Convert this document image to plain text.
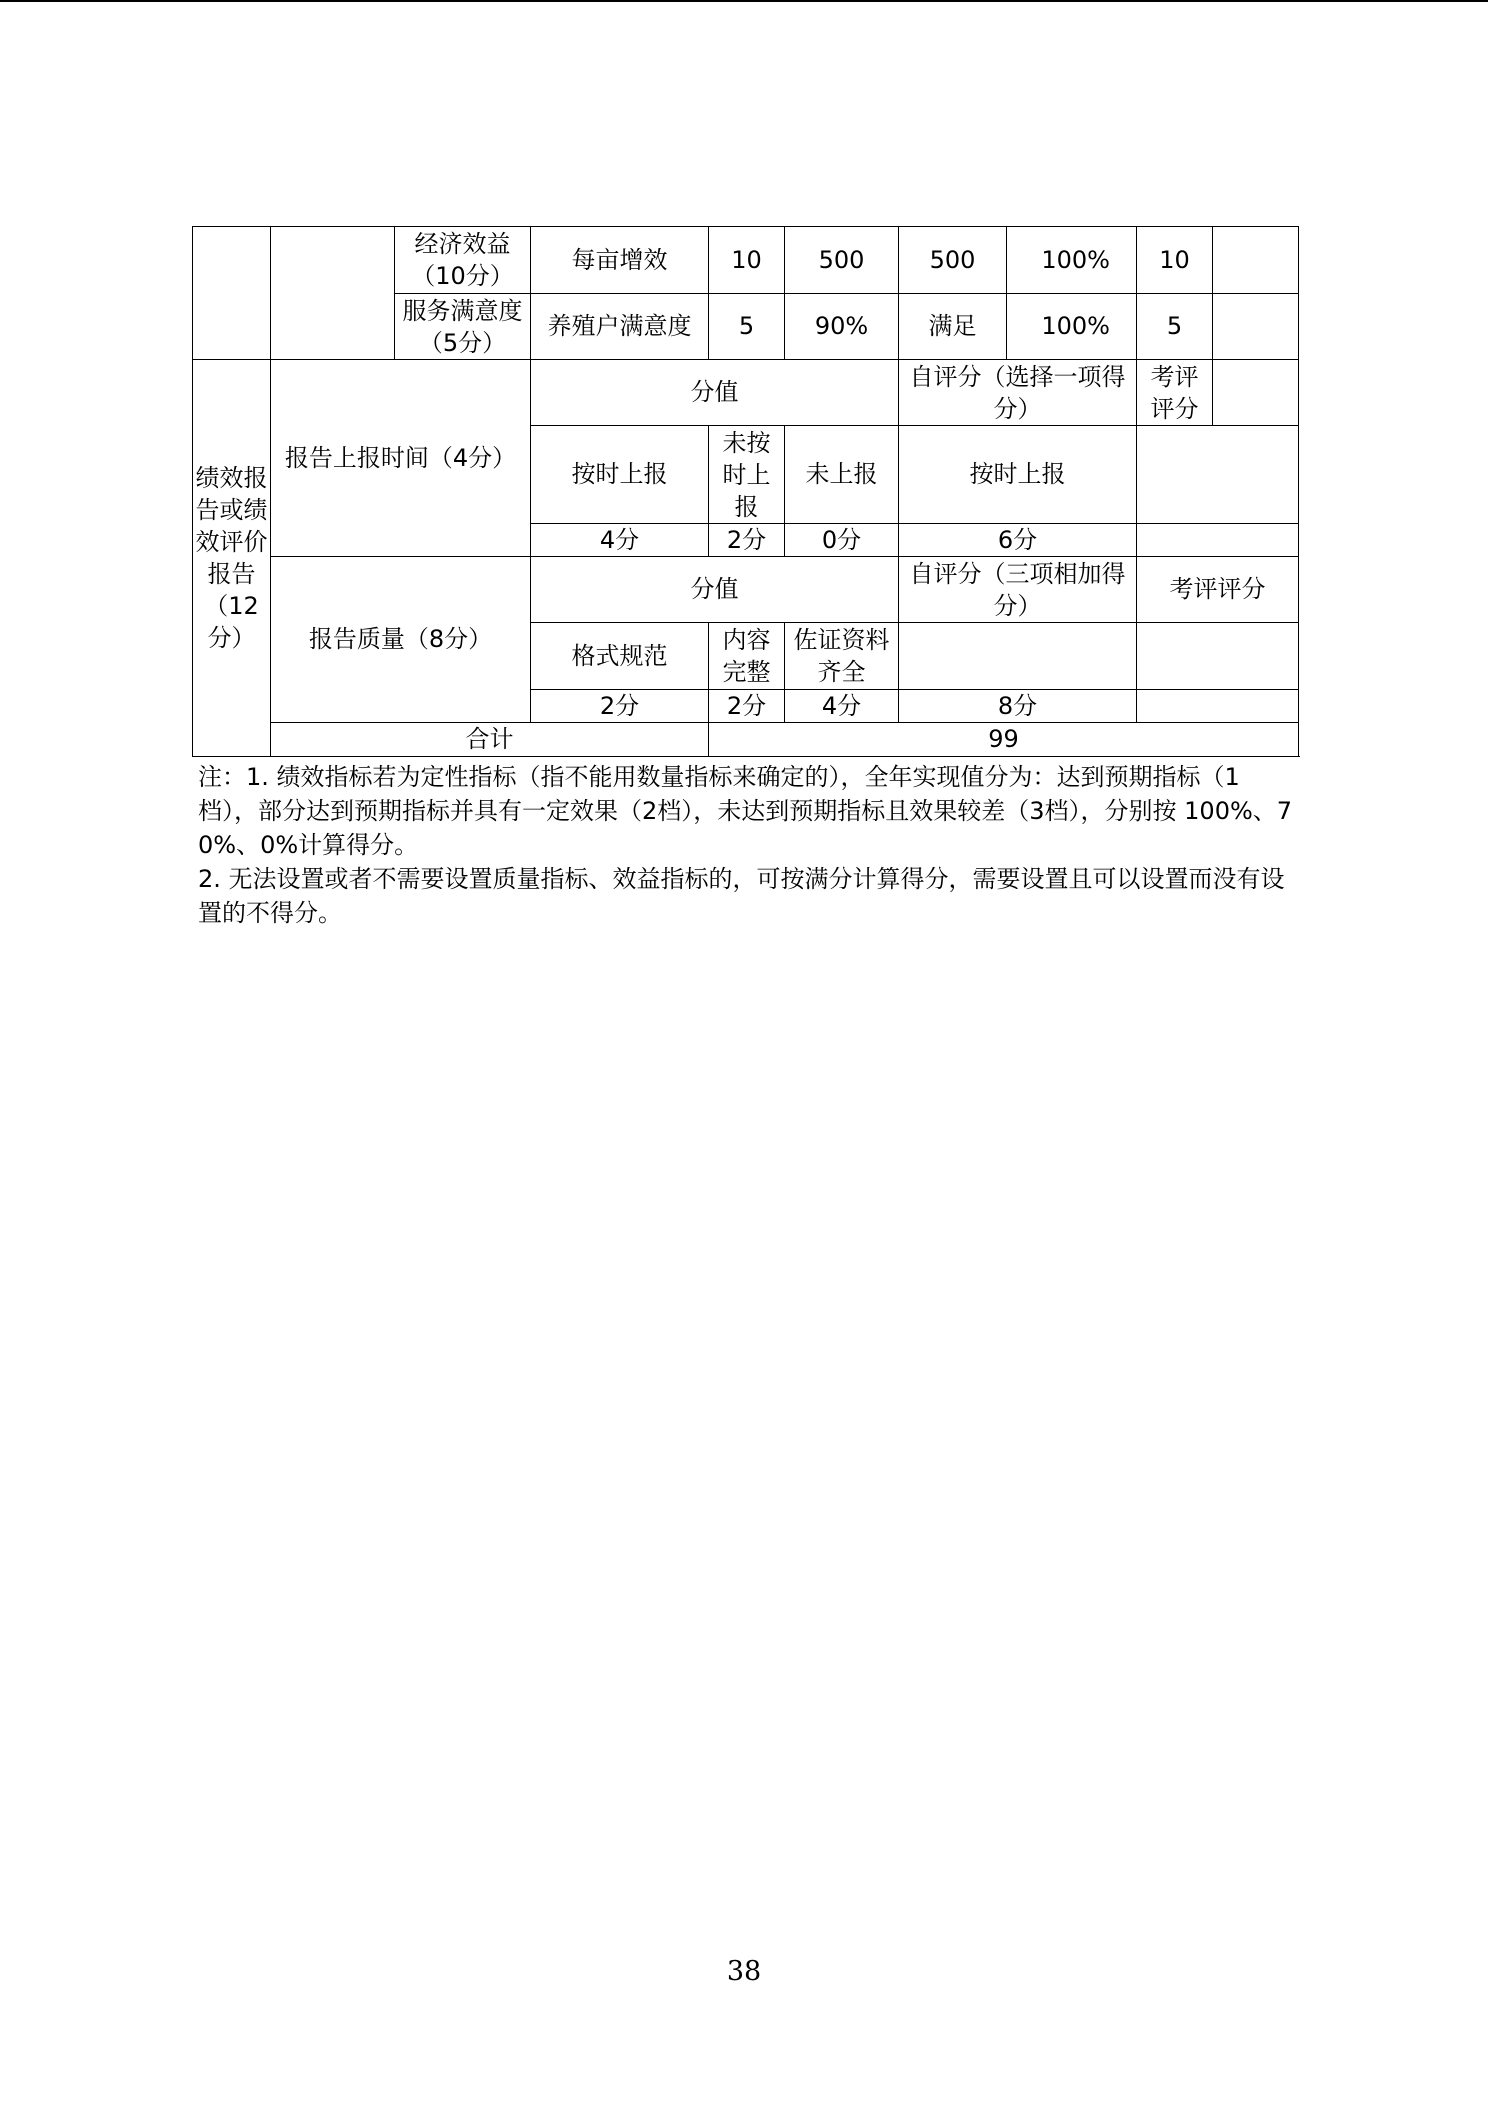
		经济效益（10分）	每亩增效	10	500	500	100%	10	
		服务满意度（5分）	养殖户满意度	5	90%	满足	100%	5	
绩效报告或绩效评价报告（12分）	报告上报时间（4分）		分值			自评分（选择一项得分）		考评评分	
			按时上报	未按时上报	未上报	按时上报			
			4分	2分	0分	6分			
	报告质量（8分）		分值			自评分（三项相加得分）		考评评分	
			格式规范	内容完整	佐证资料齐全				
			2分	2分	4分	8分			
	合计			99					

注：1. 绩效指标若为定性指标（指不能用数量指标来确定的），全年实现值分为：达到预期指标（1档），部分达到预期指标并具有一定效果（2档），未达到预期指标且效果较差（3档），分别按 100%、70%、0%计算得分。

2. 无法设置或者不需要设置质量指标、效益指标的，可按满分计算得分，需要设置且可以设置而没有设置的不得分。

38
